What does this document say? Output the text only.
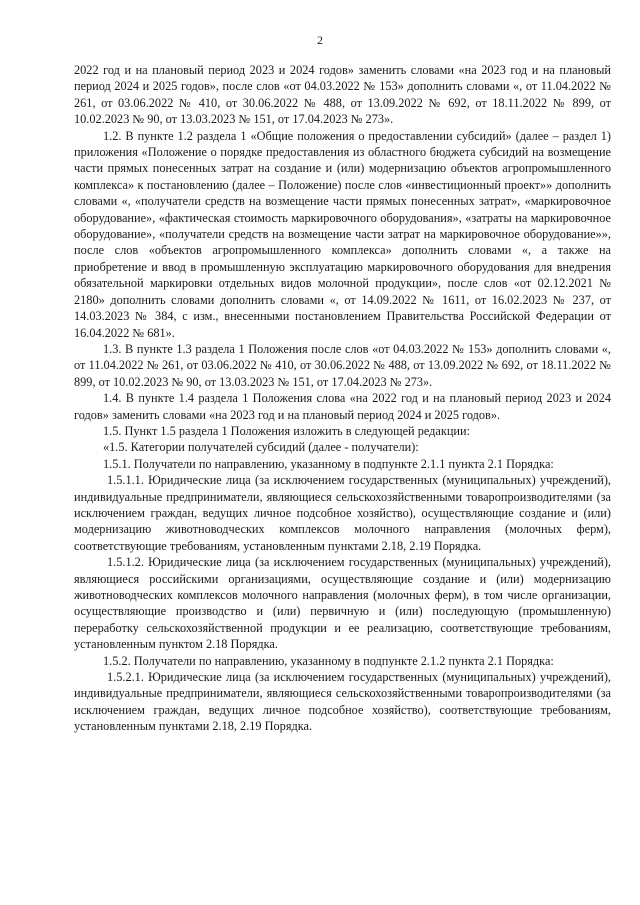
2

2022 год и на плановый период 2023 и 2024 годов» заменить словами «на 2023 год и на плановый период 2024 и 2025 годов», после слов «от 04.03.2022 № 153» дополнить словами «, от 11.04.2022 № 261, от 03.06.2022 № 410, от 30.06.2022 № 488, от 13.09.2022 № 692, от 18.11.2022 № 899, от 10.02.2023 № 90, от 13.03.2023 № 151, от 17.04.2023 № 273».

1.2. В пункте 1.2 раздела 1 «Общие положения о предоставлении субсидий» (далее – раздел 1) приложения «Положение о порядке предоставления из областного бюджета субсидий на возмещение части прямых понесенных затрат на создание и (или) модернизацию объектов агропромышленного комплекса» к постановлению (далее – Положение) после слов «инвестиционный проект»» дополнить словами «, «получатели средств на возмещение части прямых понесенных затрат», «маркировочное оборудование», «фактическая стоимость маркировочного оборудования», «затраты на маркировочное оборудование», «получатели средств на возмещение части затрат на маркировочное оборудование»», после слов «объектов агропромышленного комплекса» дополнить словами «, а также на приобретение и ввод в промышленную эксплуатацию маркировочного оборудования для внедрения обязательной маркировки отдельных видов молочной продукции», после слов «от 02.12.2021 № 2180» дополнить словами дополнить словами «, от 14.09.2022 № 1611, от 16.02.2023 № 237, от 14.03.2023 № 384, с изм., внесенными постановлением Правительства Российской Федерации от 16.04.2022 № 681».

1.3. В пункте 1.3 раздела 1 Положения после слов «от 04.03.2022 № 153» дополнить словами «, от 11.04.2022 № 261, от 03.06.2022 № 410, от 30.06.2022 № 488, от 13.09.2022 № 692, от 18.11.2022 № 899, от 10.02.2023 № 90, от 13.03.2023 № 151, от 17.04.2023 № 273».

1.4. В пункте 1.4 раздела 1 Положения слова «на 2022 год и на плановый период 2023 и 2024 годов» заменить словами «на 2023 год и на плановый период 2024 и 2025 годов».

1.5. Пункт 1.5 раздела 1 Положения изложить в следующей редакции:

«1.5. Категории получателей субсидий (далее - получатели):

1.5.1. Получатели по направлению, указанному в подпункте 2.1.1 пункта 2.1 Порядка:

1.5.1.1. Юридические лица (за исключением государственных (муниципальных) учреждений), индивидуальные предприниматели, являющиеся сельскохозяйственными товаропроизводителями (за исключением граждан, ведущих личное подсобное хозяйство), осуществляющие создание и (или) модернизацию животноводческих комплексов молочного направления (молочных ферм), соответствующие требованиям, установленным пунктами 2.18, 2.19 Порядка.

1.5.1.2. Юридические лица (за исключением государственных (муниципальных) учреждений), являющиеся российскими организациями, осуществляющие создание и (или) модернизацию животноводческих комплексов молочного направления (молочных ферм), в том числе организации, осуществляющие производство и (или) первичную и (или) последующую (промышленную) переработку сельскохозяйственной продукции и ее реализацию, соответствующие требованиям, установленным пунктом 2.18 Порядка.

1.5.2. Получатели по направлению, указанному в подпункте 2.1.2 пункта 2.1 Порядка:

1.5.2.1. Юридические лица (за исключением государственных (муниципальных) учреждений), индивидуальные предприниматели, являющиеся сельскохозяйственными товаропроизводителями (за исключением граждан, ведущих личное подсобное хозяйство), соответствующие требованиям, установленным пунктами 2.18, 2.19 Порядка.
